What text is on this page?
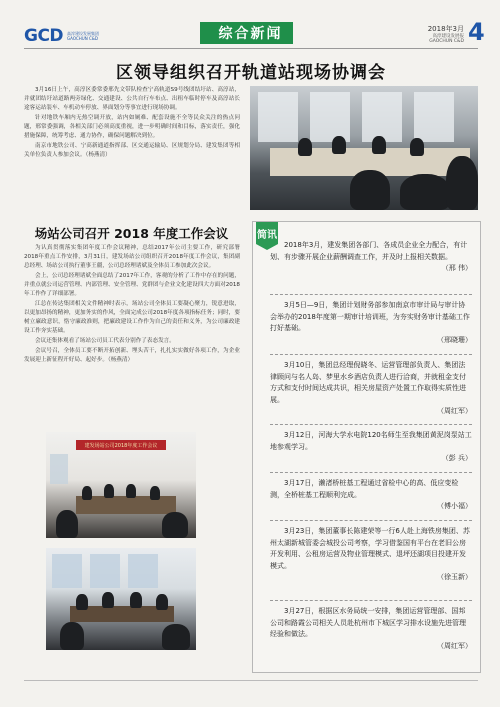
GCD 高淳建设发展集团 GAOCHUN C&D	综合新闻	2018年3月
高淳建设发展报
GAOCHUN C&D 4
区领导组织召开轨道站现场协调会

3月16日上午，高淳区委常委邢先文带队检查宁高轨道S9号线团结圩站、高淳站，并就团结圩站道路两旁绿化、交通建设、公共自行车布点、出租车临时停车及高淳站长途客运站装车、车机动车停放、界面划分等事宜进行现场协调。

针对地铁车厢内无热空调开放，站内如厕难、配套设施不全等民众关注的热点问题，邢常委强调，各相关部门必须高度重视，进一步明确时间和目标，落实责任，强化措施保障，统筹考虑、通力协作，确保问题解决到位。

南京市地铁公司、宁高新通道指挥部、区交通运输局、区规划分局、建发集团等相关单位负责人参加会议。（杨燕清）

场站公司召开 2018 年度工作会议

为认真贯彻落实集团年度工作会议精神，总结2017年公司主要工作，研究部署2018年重点工作安排，3月31日，建发场站公司组织召开2018年度工作会议，集团副总经理、场站公司执行董事王疆，公司总经理诸斌及全体员工参加此次会议。

会上，公司总经理诸斌全面总结了2017年工作，客观的分析了工作中存在的问题，并重点就公司运营管理、内部管理、安全管理、党群团与企业文化建设四大方面对2018年工作作了详细部署。

江总在传达集团相关文件精神时表示，场站公司全体员工要凝心聚力，锐意进取，以更加昂扬的精神，更加务实的作风，全面完成公司2018年度各项指标任务；同时，要树立廉政意识，恪守廉政准则，把廉政建设工作作为自己的责任和义务，为公司廉政建设工作夯实基础。

会议还集体观看了场站公司员工代表分别作了表态发言。

会议号召，全体员工要不断开拓创新、埋头苦干，扎扎实实做好各项工作，为企业发展迎上新征程开好局、起好步。（杨燕清）

建发场站公司2018年度工作会议
简讯
2018年3月，建发集团各部门、各成员企业全力配合，有计划、有步骤开展企业薪酬调查工作，并及时上报相关数据。
（邢 伟）
3月5日—9日，集团计划财务部参加南京市审计局与审计协会举办的2018年度第一期审计培训班，为夯实财务审计基础工作打好基础。
（邢晓珊）
3月10日，集团总经理倪晓冬、运营管理部负责人、集团法律顾问与名人岛、梦里水乡酒店负责人进行洽商，并就租金支付方式和支付时间达成共识，相关房屋资产处置工作取得实质性进展。
（周红军）
3月12日，河海大学水电院120名师生至我集团黄泥岗泵站工地参观学习。
（彭 兵）
3月17日，濑渚桥桩基工程通过省检中心的高、低应变检测，全桥桩基工程顺利完成。
（傅小福）
3月23日，集团董事长陈建荣等一行6人赴上海铁房集团、苏州太湖新城管委会城投公司考察，学习借鉴国有平台在老旧公房开发利用、公租房运营及物业管理模式、退坪还湖项目投建开发模式。
（徐玉新）
3月27日，根据区水务局统一安排，集团运营管理部、国邦公司和路霞公司相关人员赴杭州市下城区学习排水设施先进管理经验和做法。
（周红军）
